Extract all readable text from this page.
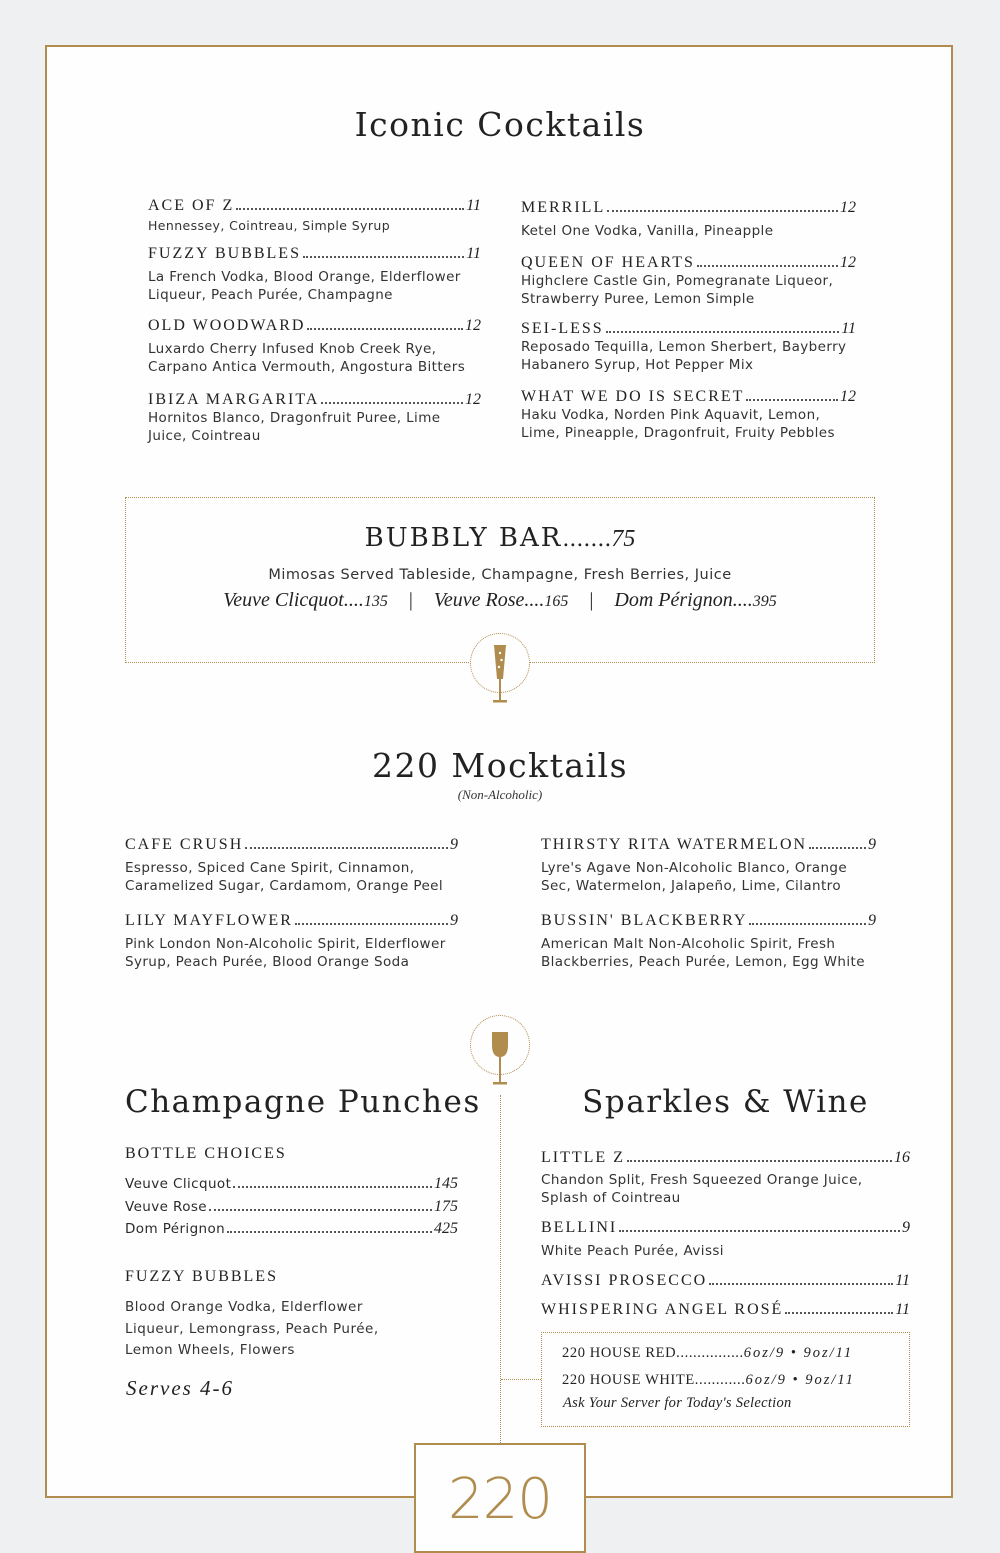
Iconic Cocktails
ACE OF Z	11
Hennessey, Cointreau, Simple Syrup
FUZZY BUBBLES	11
La French Vodka, Blood Orange, Elderflower Liqueur, Peach Purée, Champagne
OLD WOODWARD	12
Luxardo Cherry Infused Knob Creek Rye, Carpano Antica Vermouth, Angostura Bitters
IBIZA MARGARITA	12
Hornitos Blanco, Dragonfruit Puree, Lime Juice, Cointreau
MERRILL	12
Ketel One Vodka, Vanilla, Pineapple
QUEEN OF HEARTS	12
Highclere Castle Gin, Pomegranate Liqueor, Strawberry Puree, Lemon Simple
SEI-LESS	11
Reposado Tequilla, Lemon Sherbert, Bayberry Habanero Syrup, Hot Pepper Mix
WHAT WE DO IS SECRET	12
Haku Vodka, Norden Pink Aquavit, Lemon, Lime, Pineapple, Dragonfruit, Fruity Pebbles
BUBBLY BAR.......75
Mimosas Served Tableside, Champagne, Fresh Berries, Juice
Veuve Clicquot....135 | Veuve Rose....165 | Dom Pérignon....395
220 Mocktails
(Non-Alcoholic)
CAFE CRUSH	9
Espresso, Spiced Cane Spirit, Cinnamon, Caramelized Sugar, Cardamom, Orange Peel
LILY MAYFLOWER	9
Pink London Non-Alcoholic Spirit, Elderflower Syrup, Peach Purée, Blood Orange Soda
THIRSTY RITA WATERMELON	9
Lyre's Agave Non-Alcoholic Blanco, Orange Sec, Watermelon, Jalapeño, Lime, Cilantro
BUSSIN' BLACKBERRY	9
American Malt Non-Alcoholic Spirit, Fresh Blackberries, Peach Purée, Lemon, Egg White
Champagne Punches
BOTTLE CHOICES
Veuve Clicquot	145
Veuve Rose	175
Dom Pérignon	425
FUZZY BUBBLES
Blood Orange Vodka, Elderflower
Liqueur, Lemongrass, Peach Purée,
Lemon Wheels, Flowers
Serves 4-6
Sparkles & Wine
LITTLE Z	16
Chandon Split, Fresh Squeezed Orange Juice, Splash of Cointreau
BELLINI	9
White Peach Purée, Avissi
AVISSI PROSECCO	11
WHISPERING ANGEL ROSÉ	11
220 HOUSE RED................6oz/9 • 9oz/11
220 HOUSE WHITE............6oz/9 • 9oz/11
Ask Your Server for Today's Selection
220
